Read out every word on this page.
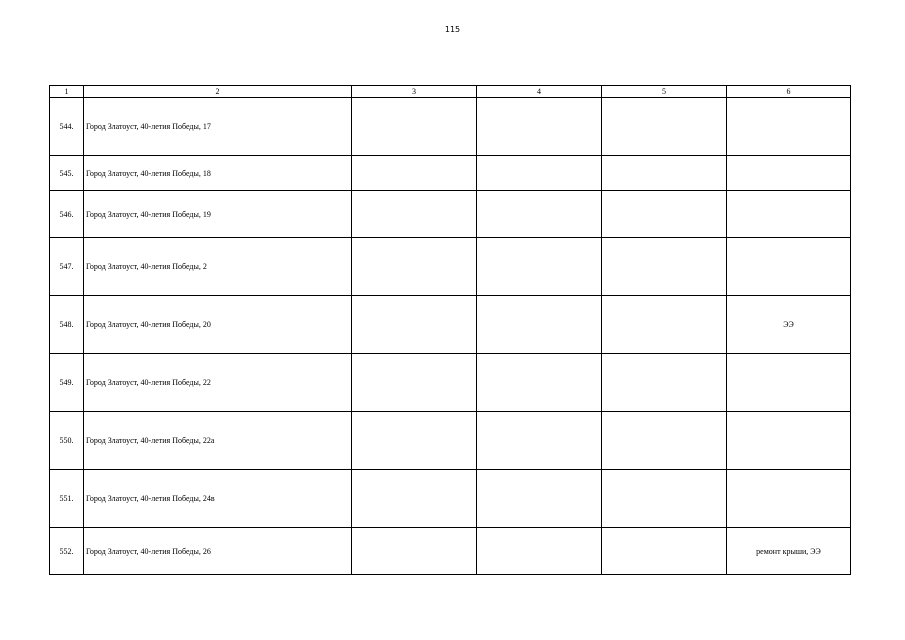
115
1	2	3	4	5	6
544.	Город Златоуст, 40-летия Победы, 17				
545.	Город Златоуст, 40-летия Победы, 18				
546.	Город Златоуст, 40-летия Победы, 19				
547.	Город Златоуст, 40-летия Победы, 2				
548.	Город Златоуст, 40-летия Победы, 20				ЭЭ
549.	Город Златоуст, 40-летия Победы, 22				
550.	Город Златоуст, 40-летия Победы, 22а				
551.	Город Златоуст, 40-летия Победы, 24в				
552.	Город Златоуст, 40-летия Победы, 26				ремонт крыши, ЭЭ
